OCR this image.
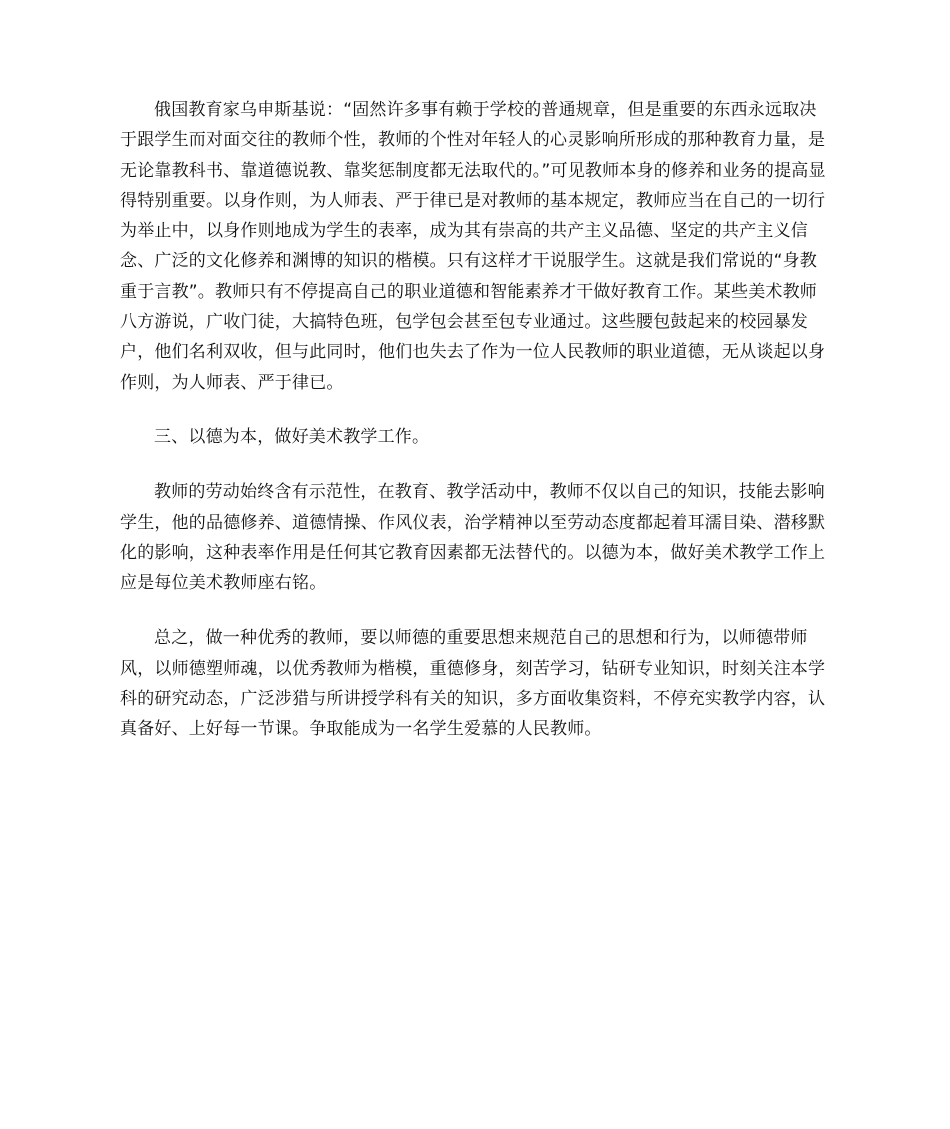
俄国教育家乌申斯基说：“固然许多事有赖于学校的普通规章，但是重要的东西永远取决于跟学生而对面交往的教师个性，教师的个性对年轻人的心灵影响所形成的那种教育力量，是无论靠教科书、靠道德说教、靠奖惩制度都无法取代的。”可见教师本身的修养和业务的提高显得特别重要。以身作则，为人师表、严于律已是对教师的基本规定，教师应当在自己的一切行为举止中，以身作则地成为学生的表率，成为其有崇高的共产主义品德、坚定的共产主义信念、广泛的文化修养和渊博的知识的楷模。只有这样才干说服学生。这就是我们常说的“身教重于言教”。教师只有不停提高自己的职业道德和智能素养才干做好教育工作。某些美术教师八方游说，广收门徒，大搞特色班，包学包会甚至包专业通过。这些腰包鼓起来的校园暴发户，他们名利双收，但与此同时，他们也失去了作为一位人民教师的职业道德，无从谈起以身作则，为人师表、严于律已。

三、以德为本，做好美术教学工作。

教师的劳动始终含有示范性，在教育、教学活动中，教师不仅以自己的知识，技能去影响学生，他的品德修养、道德情操、作风仪表，治学精神以至劳动态度都起着耳濡目染、潜移默化的影响，这种表率作用是任何其它教育因素都无法替代的。以德为本，做好美术教学工作上应是每位美术教师座右铭。

总之，做一种优秀的教师，要以师德的重要思想来规范自己的思想和行为，以师德带师风，以师德塑师魂，以优秀教师为楷模，重德修身，刻苦学习，钻研专业知识，时刻关注本学科的研究动态，广泛涉猎与所讲授学科有关的知识，多方面收集资料，不停充实教学内容，认真备好、上好每一节课。争取能成为一名学生爱慕的人民教师。
